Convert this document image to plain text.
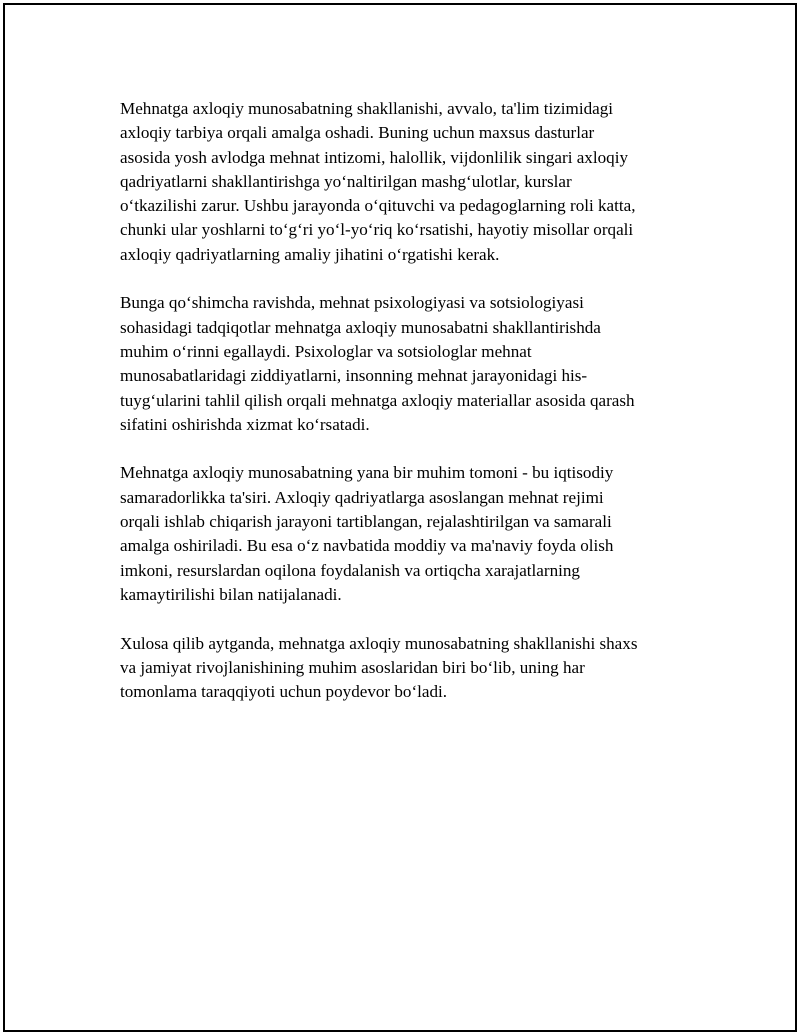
Mehnatga axloqiy munosabatning shakllanishi, avvalo, ta'lim tizimidagi
axloqiy tarbiya orqali amalga oshadi. Buning uchun maxsus dasturlar
asosida yosh avlodga mehnat intizomi, halollik, vijdonlilik singari axloqiy
qadriyatlarni shakllantirishga yo‘naltirilgan mashg‘ulotlar, kurslar
o‘tkazilishi zarur. Ushbu jarayonda o‘qituvchi va pedagoglarning roli katta,
chunki ular yoshlarni to‘g‘ri yo‘l-yo‘riq ko‘rsatishi, hayotiy misollar orqali
axloqiy qadriyatlarning amaliy jihatini o‘rgatishi kerak.

Bunga qo‘shimcha ravishda, mehnat psixologiyasi va sotsiologiyasi
sohasidagi tadqiqotlar mehnatga axloqiy munosabatni shakllantirishda
muhim o‘rinni egallaydi. Psixologlar va sotsiologlar mehnat
munosabatlaridagi ziddiyatlarni, insonning mehnat jarayonidagi his-
tuyg‘ularini tahlil qilish orqali mehnatga axloqiy materiallar asosida qarash
sifatini oshirishda xizmat ko‘rsatadi.

Mehnatga axloqiy munosabatning yana bir muhim tomoni - bu iqtisodiy
samaradorlikka ta'siri. Axloqiy qadriyatlarga asoslangan mehnat rejimi
orqali ishlab chiqarish jarayoni tartiblangan, rejalashtirilgan va samarali
amalga oshiriladi. Bu esa o‘z navbatida moddiy va ma'naviy foyda olish
imkoni, resurslardan oqilona foydalanish va ortiqcha xarajatlarning
kamaytirilishi bilan natijalanadi.

Xulosa qilib aytganda, mehnatga axloqiy munosabatning shakllanishi shaxs
va jamiyat rivojlanishining muhim asoslaridan biri bo‘lib, uning har
tomonlama taraqqiyoti uchun poydevor bo‘ladi.
